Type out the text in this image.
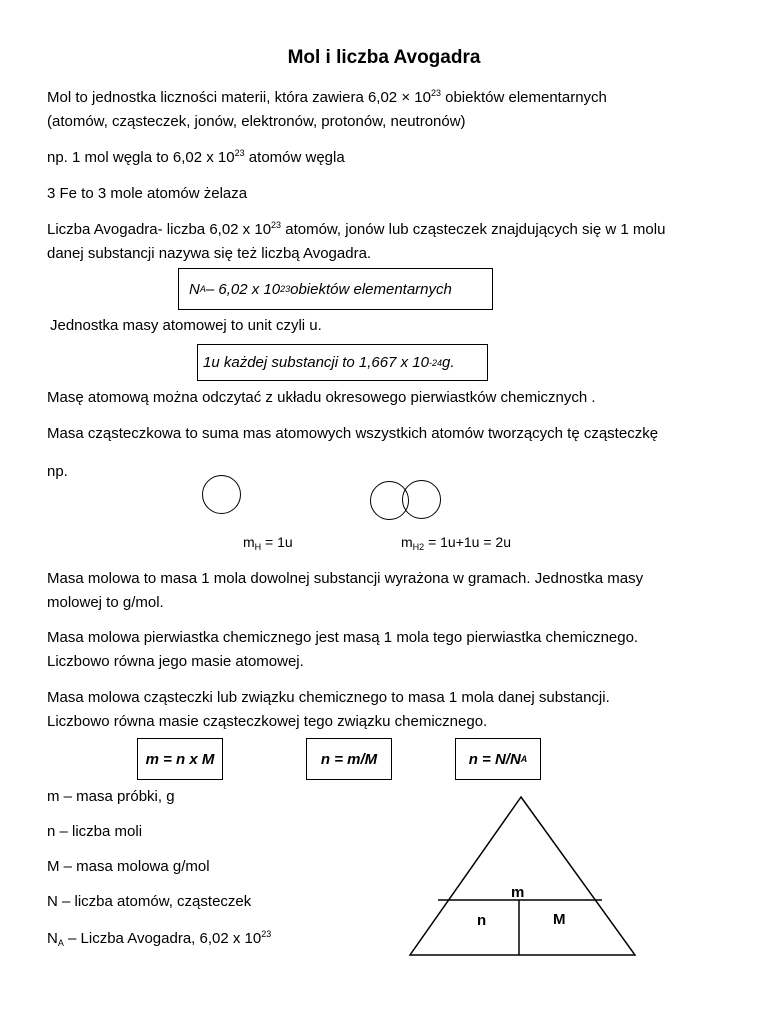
Mol i liczba Avogadra
Mol to jednostka liczności materii, która zawiera $6,02 \times 10^{23}$ obiektów elementarnych
(atomów, cząsteczek, jonów, elektronów, protonów, neutronów)
np. 1 mol węgla to 6,02 x $10^{23}$ atomów węgla
3 Fe to 3 mole atomów żelaza
Liczba Avogadra- liczba 6,02 x $10^{23}$ atomów, jonów lub cząsteczek znajdujących się w 1 molu
danej substancji nazywa się też liczbą Avogadra.
N A – 6,02 x 10 23 obiektów elementarnych
Jednostka masy atomowej to unit czyli u.
1u każdej substancji to 1,667 x 10 -24 g.
Masę atomową można odczytać z układu okresowego pierwiastków chemicznych .
Masa cząsteczkowa to suma mas atomowych wszystkich atomów tworzących tę cząsteczkę
np.
$m_H = 1u$	$m_{H2} = 1u+1u = 2u$
Masa molowa to masa 1 mola dowolnej substancji wyrażona w gramach. Jednostka masy
molowej to g/mol.
Masa molowa pierwiastka chemicznego jest masą 1 mola tego pierwiastka chemicznego.
Liczbowo równa jego masie atomowej.
Masa molowa cząsteczki lub związku chemicznego to masa 1 mola danej substancji.
Liczbowo równa masie cząsteczkowej tego związku chemicznego.
m = n x M	n = m/M	n = N/N A
m – masa próbki, g
n – liczba moli
M – masa molowa g/mol
N – liczba atomów, cząsteczek
$N_A$ – Liczba Avogadra, 6,02 x $10^{23}$
m
n	M
